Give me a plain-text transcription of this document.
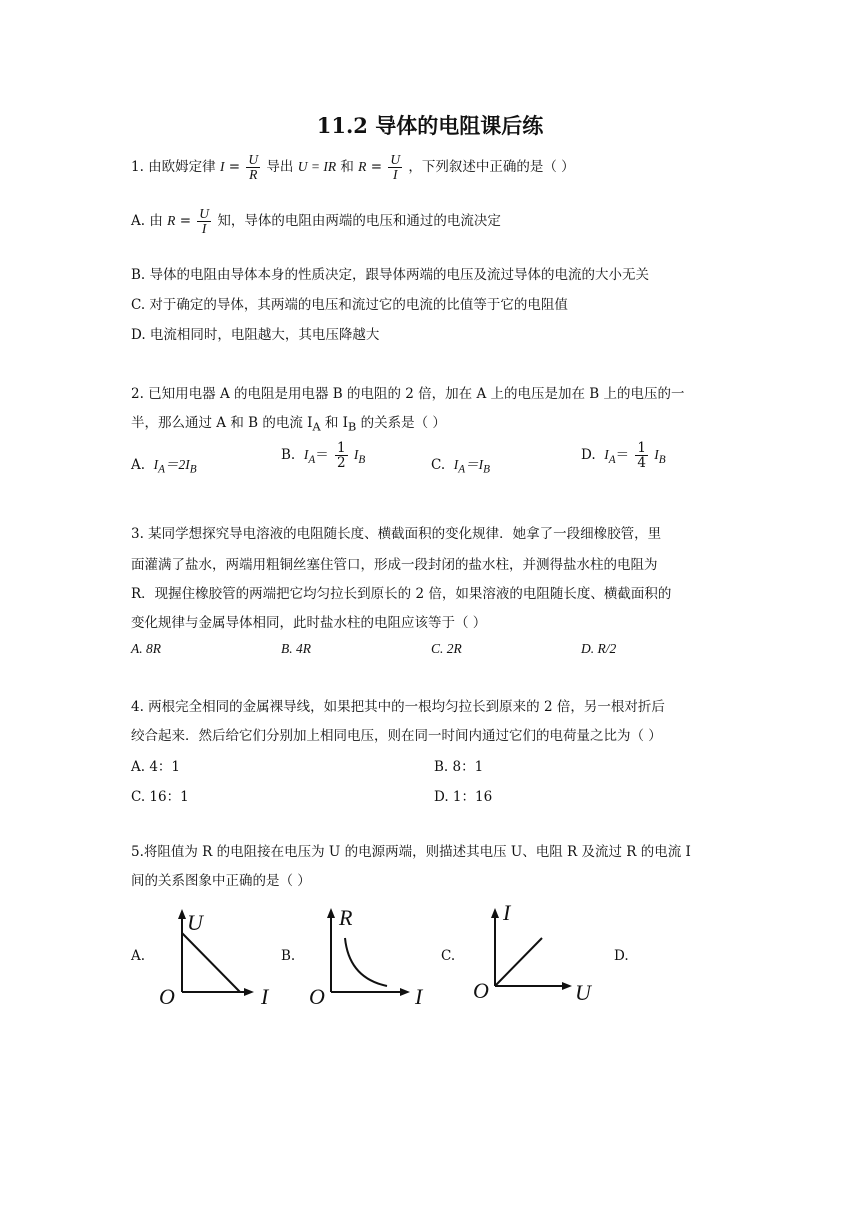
11.2 导体的电阻课后练
1. 由欧姆定律 $I = \frac{U}{R}$ 导出 U = IR 和 $R = \frac{U}{I}$ ，下列叙述中正确的是（ ）
A. 由 $R = \frac{U}{I}$ 知，导体的电阻由两端的电压和通过的电流决定
B. 导体的电阻由导体本身的性质决定，跟导体两端的电压及流过导体的电流的大小无关
C. 对于确定的导体，其两端的电压和流过它的电流的比值等于它的电阻值
D. 电流相同时，电阻越大，其电压降越大
2. 已知用电器 A 的电阻是用电器 B 的电阻的 2 倍，加在 A 上的电压是加在 B 上的电压的一
半，那么通过 A 和 B 的电流 $I_A$ 和 $I_B$ 的关系是（ ）
A. $I_A=2I_B$
B. $I_A= \frac{1}{2} I_B$	C. $I_A=I_B$
D. $I_A= \frac{1}{4} I_B$
3. 某同学想探究导电溶液的电阻随长度、横截面积的变化规律．她拿了一段细橡胶管，里
面灌满了盐水，两端用粗铜丝塞住管口，形成一段封闭的盐水柱，并测得盐水柱的电阻为
R．现握住橡胶管的两端把它均匀拉长到原长的 2 倍，如果溶液的电阻随长度、横截面积的
变化规律与金属导体相同，此时盐水柱的电阻应该等于（ ）
A. 8R	B. 4R	C. 2R	D. R/2
4. 两根完全相同的金属裸导线，如果把其中的一根均匀拉长到原来的 2 倍，另一根对折后
绞合起来．然后给它们分别加上相同电压，则在同一时间内通过它们的电荷量之比为（ ）
A. 4：1	B. 8：1
C. 16：1	D. 1：16
5.将阻值为 R 的电阻接在电压为 U 的电源两端，则描述其电压 U、电阻 R 及流过 R 的电流 I
间的关系图象中正确的是（ ）
A.	B.	C.	D.
U
I
O
R
I
O
I
U
O
